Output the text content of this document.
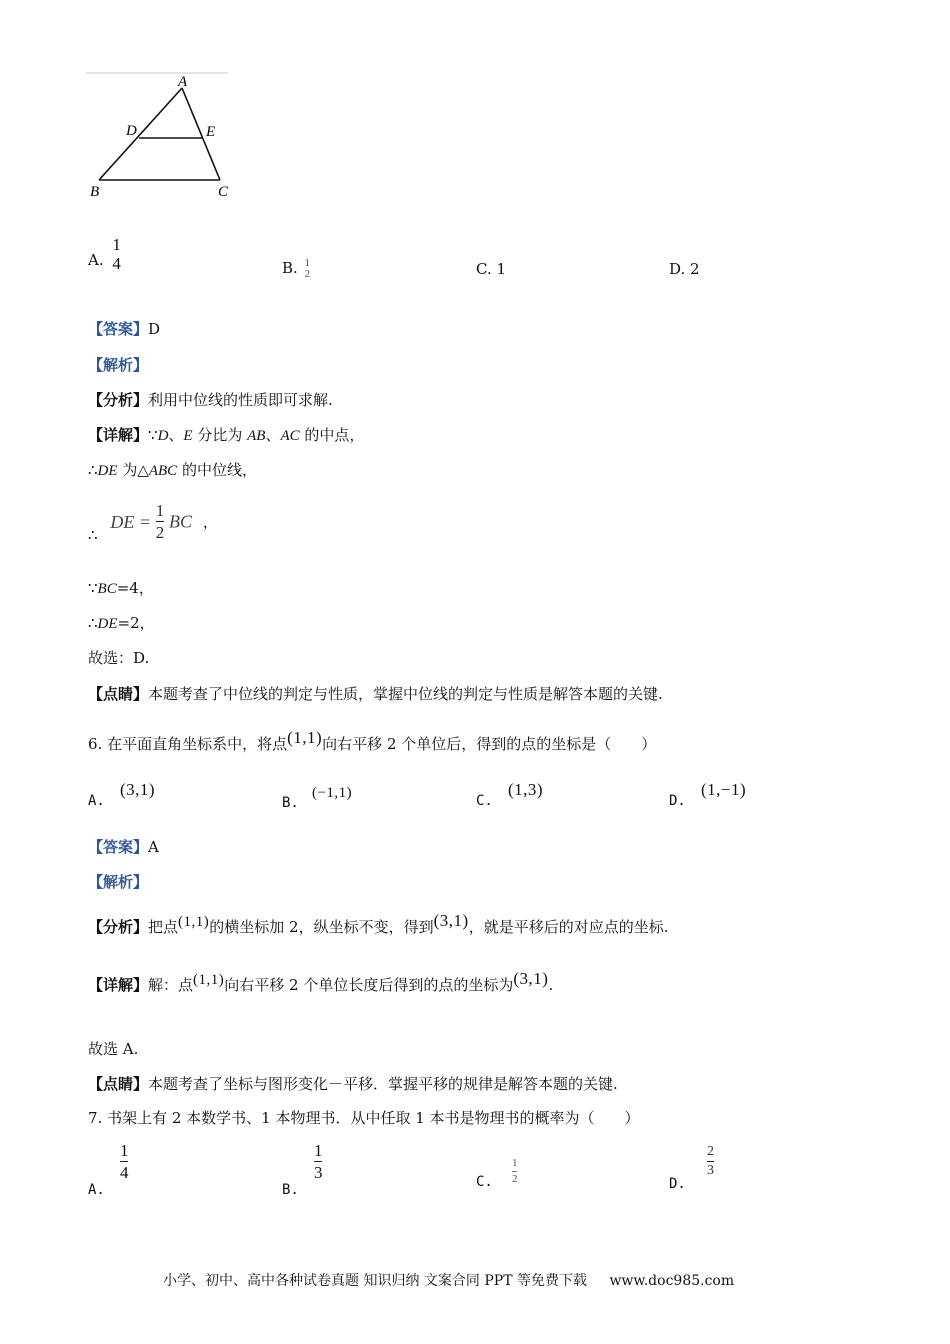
A
D	E
B	C
A.
1
4	B. 1
2	C. 1	D. 2
【答案】D
【解析】
【分析】利用中位线的性质即可求解.
【详解】∵D、E 分比为 AB、AC 的中点，
∴DE 为△ABC 的中位线，
∴ DE = $\frac{1}{2}$ BC ，
∵BC=4，
∴DE=2，
故选：D.
【点睛】本题考查了中位线的判定与性质，掌握中位线的判定与性质是解答本题的关键.
6. 在平面直角坐标系中，将点(1,1)向右平移 2 个单位后，得到的点的坐标是（　　）
A. (3,1)
B. (−1,1)	C. (1,3)
D. (1,−1)
【答案】A
【解析】
【分析】把点(1,1)的横坐标加 2，纵坐标不变，得到(3,1)，就是平移后的对应点的坐标.
【详解】解：点(1,1)向右平移 2 个单位长度后得到的点的坐标为(3,1).
故选 A.
【点睛】本题考查了坐标与图形变化－平移．掌握平移的规律是解答本题的关键.
7. 书架上有 2 本数学书、1 本物理书．从中任取 1 本书是物理书的概率为（　　）
A.
$\frac{1}{4}$
B.
$\frac{1}{3}$
C. $\frac{1}{2}$	D.
$\frac{2}{3}$
小学、初中、高中各种试卷真题 知识归纳 文案合同 PPT 等免费下载 www.doc985.com
